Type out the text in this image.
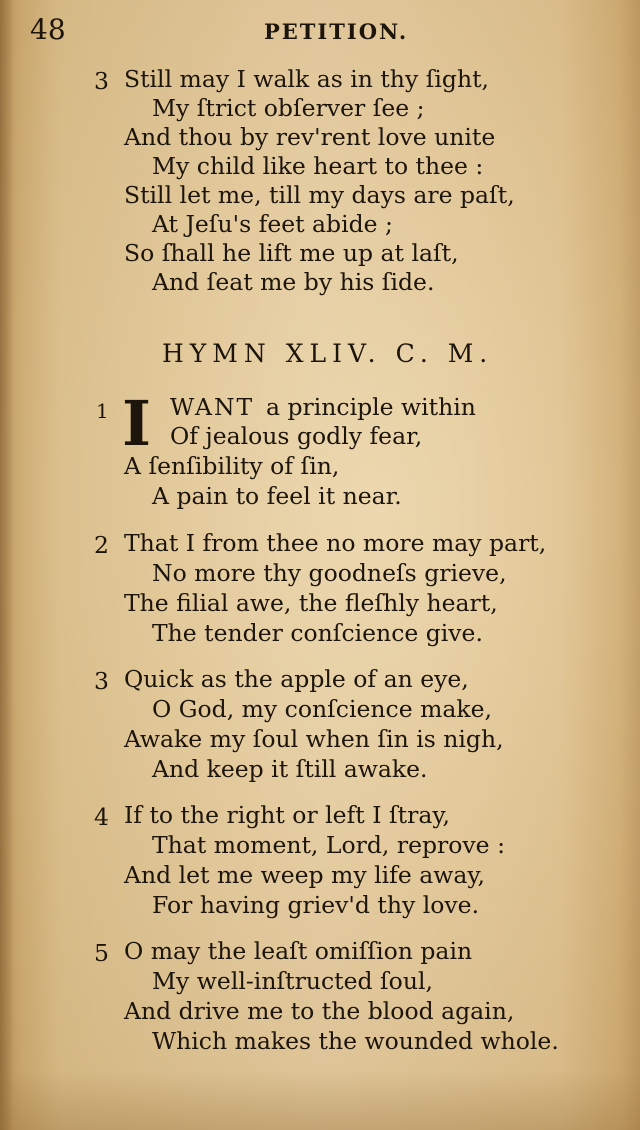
48	PETITION.
3 Still may I walk as in thy ſight,
My ſtrict obſerver ſee ;
And thou by rev'rent love unite
My child like heart to thee :
Still let me, till my days are paſt,
At Jeſu's feet abide ;
So ſhall he lift me up at laſt,
And ſeat me by his ſide.
HYMN XLIV. C. M.
1 I WANT a principle within
Of jealous godly fear,
A ſenſibility of ſin,
A pain to feel it near.
2 That I from thee no more may part,
No more thy goodneſs grieve,
The filial awe, the fleſhly heart,
The tender conſcience give.
3 Quick as the apple of an eye,
O God, my conſcience make,
Awake my ſoul when ſin is nigh,
And keep it ſtill awake.
4 If to the right or left I ſtray,
That moment, Lord, reprove :
And let me weep my life away,
For having griev'd thy love.
5 O may the leaſt omiſſion pain
My well-inſtructed ſoul,
And drive me to the blood again,
Which makes the wounded whole.
